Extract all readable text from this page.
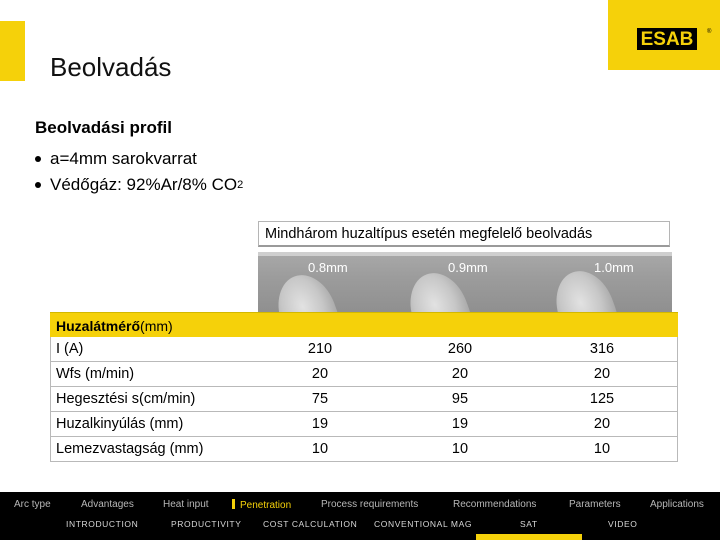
Beolvadás
ESAB ®
Beolvadási profil
a=4mm sarokvarrat
Védőgáz: 92%Ar/8% CO 2
Mindhárom huzaltípus esetén megfelelő beolvadás
0.8mm	0.9mm	1.0mm
Huzalátmérő(mm)
I (A)	210	260	316
Wfs (m/min)	20	20	20
Hegesztési s(cm/min)	75	95	125
Huzalkinyúlás (mm)	19	19	20
Lemezvastagság (mm)	10	10	10
Arc type	Advantages	Heat input	Penetration	Process requirements	Recommendations	Parameters	Applications
INTRODUCTION	PRODUCTIVITY	COST CALCULATION CONVENTIONAL MAG	SAT	VIDEO
